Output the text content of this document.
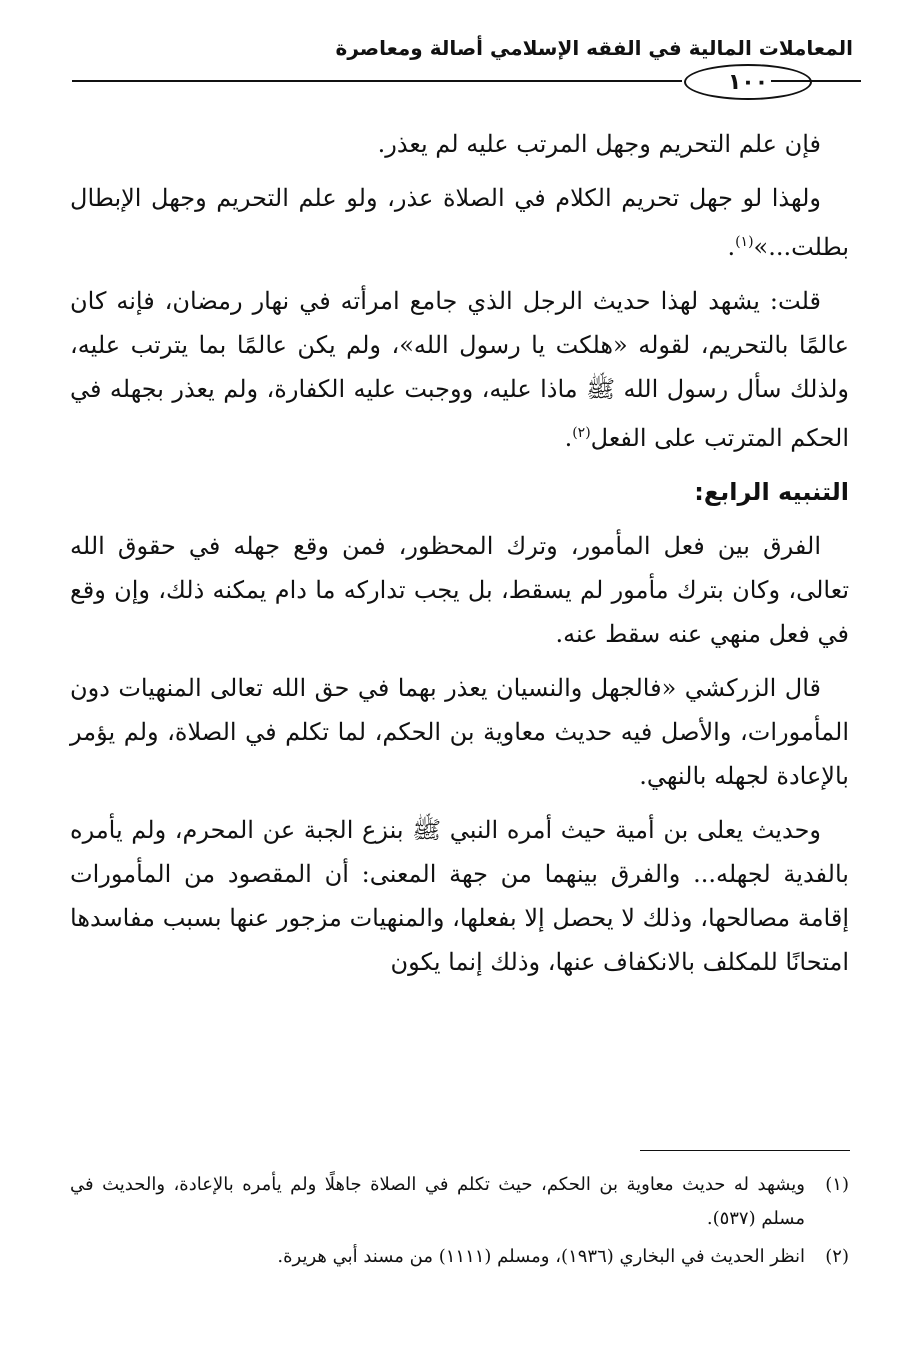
المعاملات المالية في الفقه الإسلامي أصالة ومعاصرة
١٠٠

فإن علم التحريم وجهل المرتب عليه لم يعذر.

ولهذا لو جهل تحريم الكلام في الصلاة عذر، ولو علم التحريم وجهل الإبطال بطلت...»$^{(١)}$.

قلت: يشهد لهذا حديث الرجل الذي جامع امرأته في نهار رمضان، فإنه كان عالمًا بالتحريم، لقوله «هلكت يا رسول الله»، ولم يكن عالمًا بما يترتب عليه، ولذلك سأل رسول الله ﷺ ماذا عليه، ووجبت عليه الكفارة، ولم يعذر بجهله في الحكم المترتب على الفعل$^{(٢)}$.

التنبيه الرابع:

الفرق بين فعل المأمور، وترك المحظور، فمن وقع جهله في حقوق الله تعالى، وكان بترك مأمور لم يسقط، بل يجب تداركه ما دام يمكنه ذلك، وإن وقع في فعل منهي عنه سقط عنه.

قال الزركشي «فالجهل والنسيان يعذر بهما في حق الله تعالى المنهيات دون المأمورات، والأصل فيه حديث معاوية بن الحكم، لما تكلم في الصلاة، ولم يؤمر بالإعادة لجهله بالنهي.

وحديث يعلى بن أمية حيث أمره النبي ﷺ بنزع الجبة عن المحرم، ولم يأمره بالفدية لجهله... والفرق بينهما من جهة المعنى: أن المقصود من المأمورات إقامة مصالحها، وذلك لا يحصل إلا بفعلها، والمنهيات مزجور عنها بسبب مفاسدها امتحانًا للمكلف بالانكفاف عنها، وذلك إنما يكون

(١)
ويشهد له حديث معاوية بن الحكم، حيث تكلم في الصلاة جاهلًا ولم يأمره بالإعادة، والحديث في مسلم (٥٣٧).
(٢)
انظر الحديث في البخاري (١٩٣٦)، ومسلم (١١١١) من مسند أبي هريرة.
